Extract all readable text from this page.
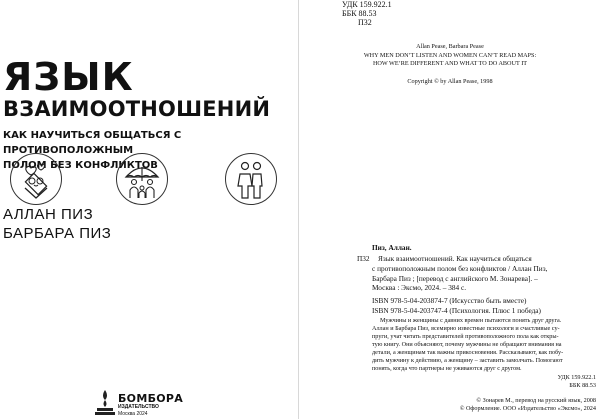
ЯЗЫК
ВЗАИМООТНОШЕНИЙ
КАК НАУЧИТЬСЯ ОБЩАТЬСЯ С ПРОТИВОПОЛОЖНЫМ
ПОЛОМ БЕЗ КОНФЛИКТОВ
АЛЛАН ПИЗ
БАРБАРА ПИЗ
БОМБОРА
ИЗДАТЕЛЬСТВО
Москва 2024
УДК 159.922.1
ББК 88.53
П32
Allan Pease, Barbara Pease
WHY MEN DON’T LISTEN AND WOMEN CAN’T READ MAPS:
HOW WE’RE DIFFERENT AND WHAT TO DO ABOUT IT
Copyright © by Allan Pease, 1998
Пиз, Аллан.
П32	Язык взаимоотношений. Как научиться общаться
с противоположным полом без конфликтов / Аллан Пиз,
Барбара Пиз ; [перевод с английского М. Зонарева]. –
Москва : Эксмо, 2024. – 384 с.
ISBN 978-5-04-203874-7 (Искусство быть вместе)
ISBN 978-5-04-203747-4 (Психология. Плюс 1 победа)
Мужчины и женщины с давних времен пытаются понять друг друга.
Аллан и Барбара Пиз, всемирно известные психологи и счастливые су-
пруги, учат читать представителей противоположного пола как откры-
тую книгу. Они объясняют, почему мужчины не обращают внимания на
детали, а женщинам так важны прикосновения. Рассказывают, как побу-
дить мужчину к действию, а женщину – заставить замолчать. Помогают
понять, когда что партнеры не уживаются друг с другом.
УДК 159.922.1
ББК 88.53
© Зонарев М., перевод на русский язык, 2008
© Оформление. ООО «Издательство «Эксмо», 2024
